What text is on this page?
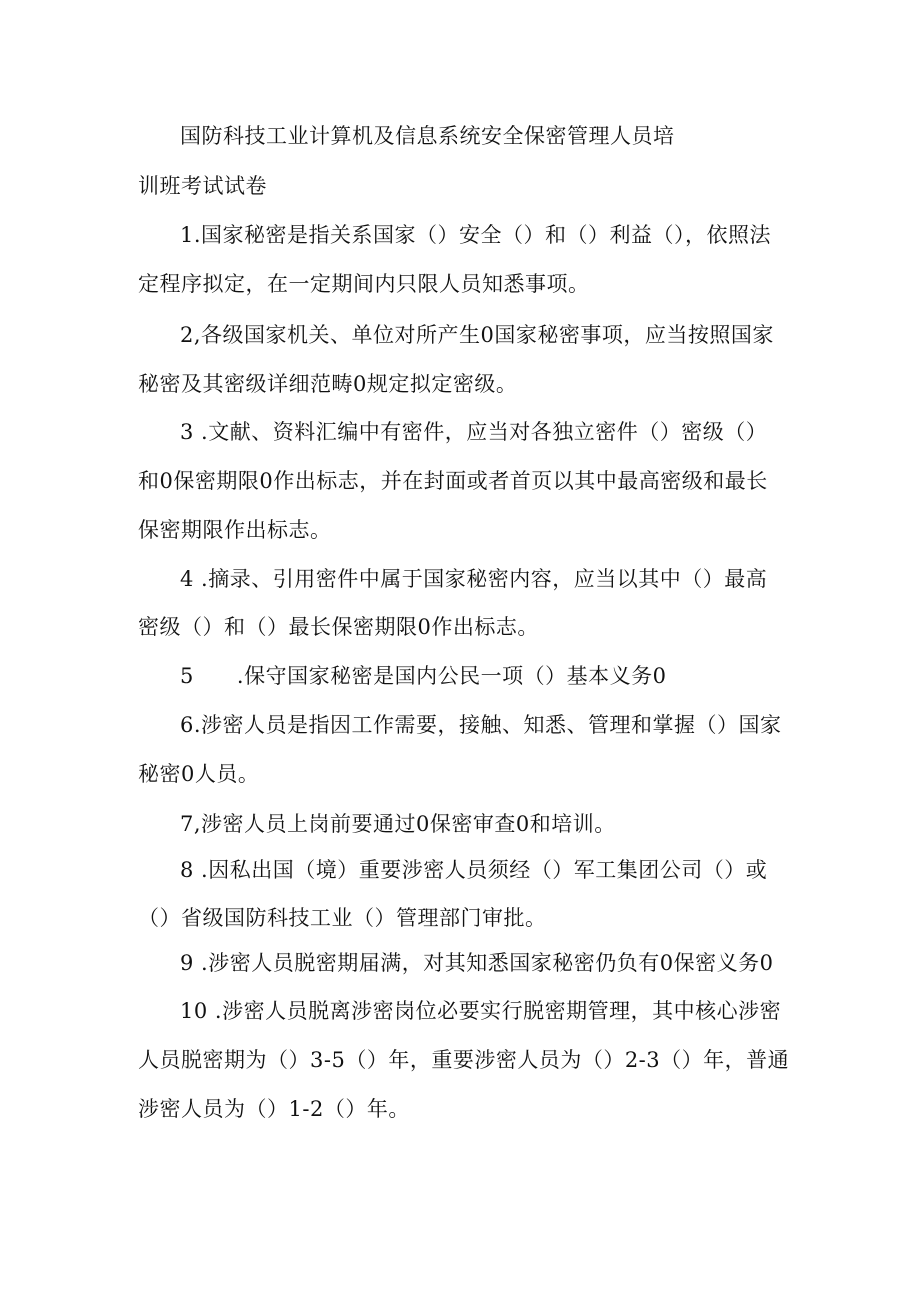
国防科技工业计算机及信息系统安全保密管理人员培
训班考试试卷
1.国家秘密是指关系国家（）安全（）和（）利益（），依照法
定程序拟定，在一定期间内只限人员知悉事项。
2,各级国家机关、单位对所产生0国家秘密事项，应当按照国家
秘密及其密级详细范畴0规定拟定密级。
3 .文献、资料汇编中有密件，应当对各独立密件（）密级（）
和0保密期限0作出标志，并在封面或者首页以其中最高密级和最长
保密期限作出标志。
4 .摘录、引用密件中属于国家秘密内容，应当以其中（）最高
密级（）和（）最长保密期限0作出标志。
5      .保守国家秘密是国内公民一项（）基本义务0
6.涉密人员是指因工作需要，接触、知悉、管理和掌握（）国家
秘密0人员。
7,涉密人员上岗前要通过0保密审查0和培训。
8 .因私出国（境）重要涉密人员须经（）军工集团公司（）或
（）省级国防科技工业（）管理部门审批。
9 .涉密人员脱密期届满，对其知悉国家秘密仍负有0保密义务0
10 .涉密人员脱离涉密岗位必要实行脱密期管理，其中核心涉密
人员脱密期为（）3-5（）年，重要涉密人员为（）2-3（）年，普通
涉密人员为（）1-2（）年。
